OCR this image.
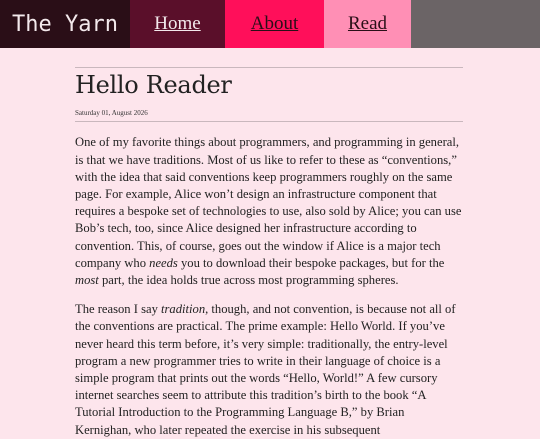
The Yarn	Home	About	Read
Hello Reader
Saturday 01, August 2026

One of my favorite things about programmers, and programming in general, is that we have traditions. Most of us like to refer to these as “conventions,” with the idea that said conventions keep programmers roughly on the same page. For example, Alice won’t design an infrastructure component that requires a bespoke set of technologies to use, also sold by Alice; you can use Bob’s tech, too, since Alice designed her infrastructure according to convention. This, of course, goes out the window if Alice is a major tech company who needs you to download their bespoke packages, but for the most part, the idea holds true across most programming spheres.

The reason I say tradition, though, and not convention, is because not all of the conventions are practical. The prime example: Hello World. If you’ve never heard this term before, it’s very simple: traditionally, the entry-level program a new programmer tries to write in their language of choice is a simple program that prints out the words “Hello, World!” A few cursory internet searches seem to attribute this tradition’s birth to the book “A Tutorial Introduction to the Programming Language B,” by Brian Kernighan, who later repeated the exercise in his subsequent
